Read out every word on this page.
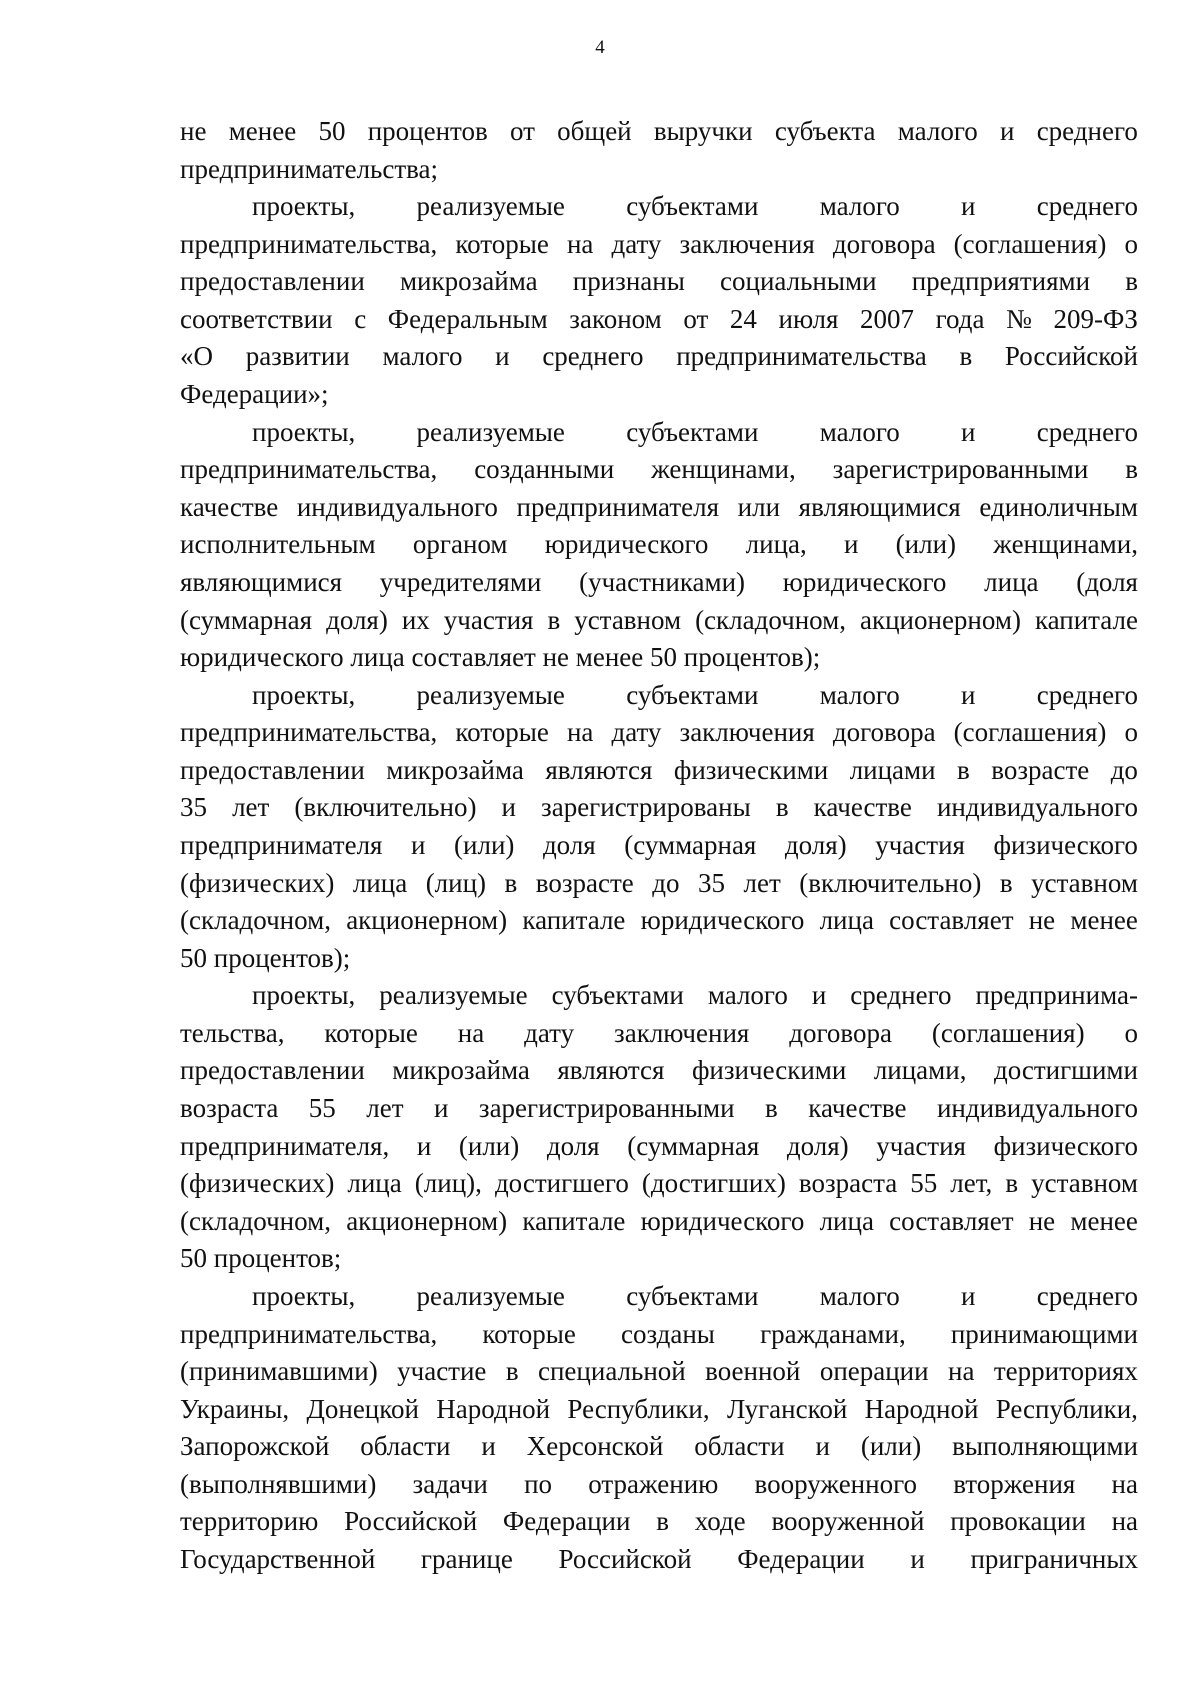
4
не менее 50 процентов от общей выручки субъекта малого и среднего
предпринимательства;
проекты, реализуемые субъектами малого и среднего
предпринимательства, которые на дату заключения договора (соглашения) о
предоставлении микрозайма признаны социальными предприятиями в
соответствии с Федеральным законом от 24 июля 2007 года № 209-ФЗ
«О развитии малого и среднего предпринимательства в Российской
Федерации»;
проекты, реализуемые субъектами малого и среднего
предпринимательства, созданными женщинами, зарегистрированными в
качестве индивидуального предпринимателя или являющимися единоличным
исполнительным органом юридического лица, и (или) женщинами,
являющимися учредителями (участниками) юридического лица (доля
(суммарная доля) их участия в уставном (складочном, акционерном) капитале
юридического лица составляет не менее 50 процентов);
проекты, реализуемые субъектами малого и среднего
предпринимательства, которые на дату заключения договора (соглашения) о
предоставлении микрозайма являются физическими лицами в возрасте до
35 лет (включительно) и зарегистрированы в качестве индивидуального
предпринимателя и (или) доля (суммарная доля) участия физического
(физических) лица (лиц) в возрасте до 35 лет (включительно) в уставном
(складочном, акционерном) капитале юридического лица составляет не менее
50 процентов);
проекты, реализуемые субъектами малого и среднего предпринима-
тельства, которые на дату заключения договора (соглашения) о
предоставлении микрозайма являются физическими лицами, достигшими
возраста 55 лет и зарегистрированными в качестве индивидуального
предпринимателя, и (или) доля (суммарная доля) участия физического
(физических) лица (лиц), достигшего (достигших) возраста 55 лет, в уставном
(складочном, акционерном) капитале юридического лица составляет не менее
50 процентов;
проекты, реализуемые субъектами малого и среднего
предпринимательства, которые созданы гражданами, принимающими
(принимавшими) участие в специальной военной операции на территориях
Украины, Донецкой Народной Республики, Луганской Народной Республики,
Запорожской области и Херсонской области и (или) выполняющими
(выполнявшими) задачи по отражению вооруженного вторжения на
территорию Российской Федерации в ходе вооруженной провокации на
Государственной границе Российской Федерации и приграничных
